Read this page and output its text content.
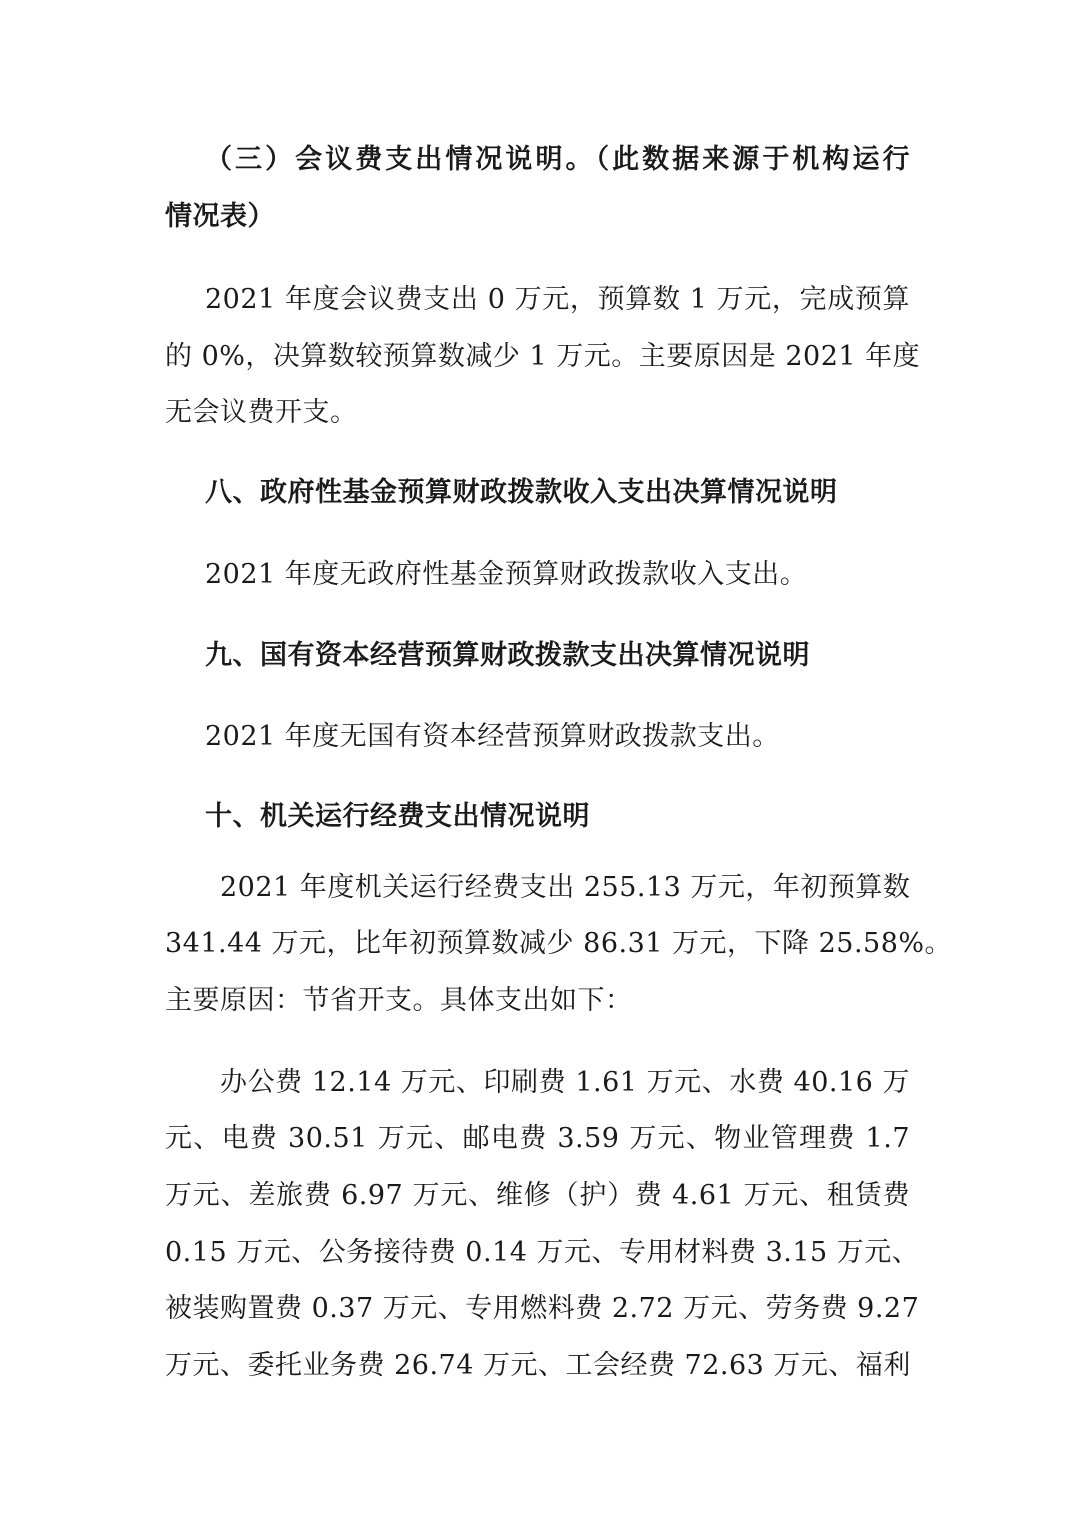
（三）会议费支出情况说明。（此数据来源于机构运行
情况表）
2021 年度会议费支出 0 万元，预算数 1 万元，完成预算
的 0%，决算数较预算数减少 1 万元。主要原因是 2021 年度
无会议费开支。
八、政府性基金预算财政拨款收入支出决算情况说明
2021 年度无政府性基金预算财政拨款收入支出。
九、国有资本经营预算财政拨款支出决算情况说明
2021 年度无国有资本经营预算财政拨款支出。
十、机关运行经费支出情况说明
2021 年度机关运行经费支出 255.13 万元，年初预算数
341.44 万元，比年初预算数减少 86.31 万元，下降 25.58%。
主要原因：节省开支。具体支出如下：
办公费 12.14 万元、印刷费 1.61 万元、水费 40.16 万
元、电费 30.51 万元、邮电费 3.59 万元、物业管理费 1.7
万元、差旅费 6.97 万元、维修（护）费 4.61 万元、租赁费
0.15 万元、公务接待费 0.14 万元、专用材料费 3.15 万元、
被装购置费 0.37 万元、专用燃料费 2.72 万元、劳务费 9.27
万元、委托业务费 26.74 万元、工会经费 72.63 万元、福利
